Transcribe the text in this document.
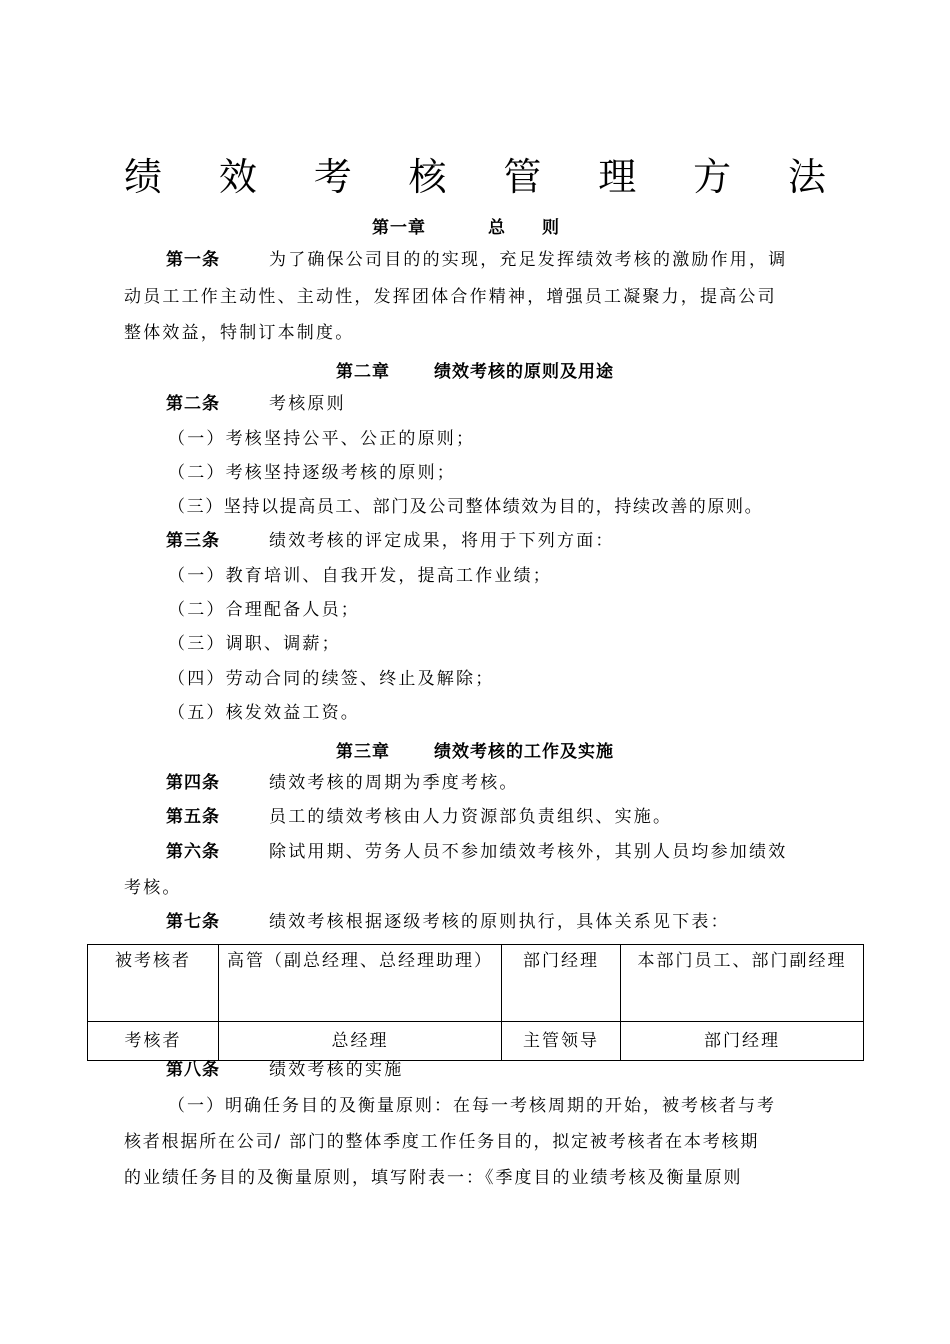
绩 效 考 核 管 理 方 法
第一章	总 则
第一条	为了确保公司目的的实现，充足发挥绩效考核的激励作用，调
动员工工作主动性、主动性，发挥团体合作精神，增强员工凝聚力，提高公司
整体效益，特制订本制度。
第二章	绩效考核的原则及用途
第二条	考核原则
（一）考核坚持公平、公正的原则；
（二）考核坚持逐级考核的原则；
（三）坚持以提高员工、部门及公司整体绩效为目的，持续改善的原则。
第三条	绩效考核的评定成果，将用于下列方面：
（一）教育培训、自我开发，提高工作业绩；
（二）合理配备人员；
（三）调职、调薪；
（四）劳动合同的续签、终止及解除；
（五）核发效益工资。
第三章	绩效考核的工作及实施
第四条	绩效考核的周期为季度考核。
第五条	员工的绩效考核由人力资源部负责组织、实施。
第六条	除试用期、劳务人员不参加绩效考核外，其别人员均参加绩效
考核。
第七条	绩效考核根据逐级考核的原则执行，具体关系见下表：
被考核者	高管（副总经理、总经理助理）	部门经理	本部门员工、部门副经理
考核者	总经理	主管领导	部门经理
第八条	绩效考核的实施
（一）明确任务目的及衡量原则：在每一考核周期的开始，被考核者与考
核者根据所在公司/ 部门的整体季度工作任务目的，拟定被考核者在本考核期
的业绩任务目的及衡量原则，填写附表一：《季度目的业绩考核及衡量原则
